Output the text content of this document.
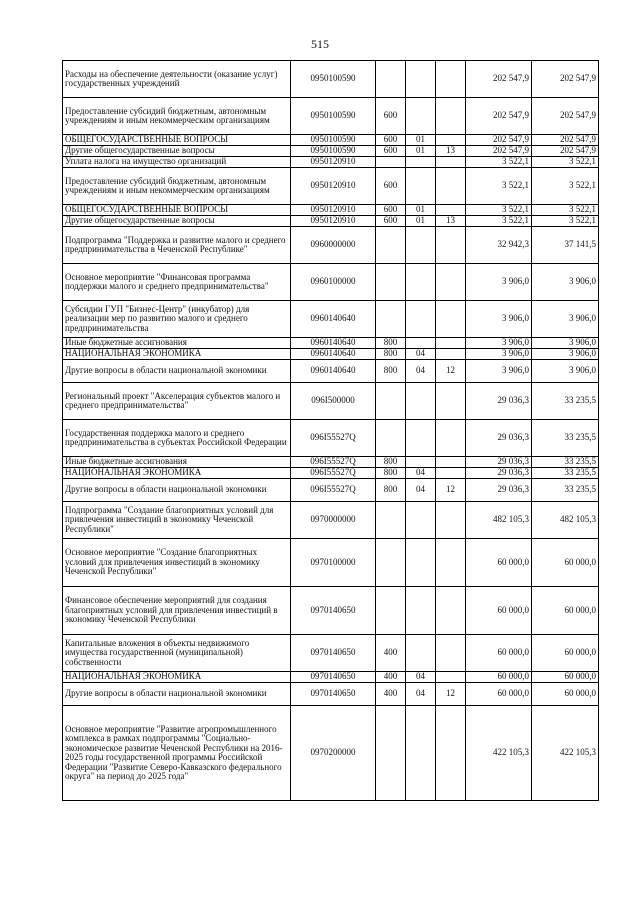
515
Расходы на обеспечение деятельности (оказание услуг) государственных учреждений	0950100590				202 547,9	202 547,9
Предоставление субсидий бюджетным, автономным учреждениям и иным некоммерческим организациям	0950100590	600			202 547,9	202 547,9
ОБЩЕГОСУДАРСТВЕННЫЕ ВОПРОСЫ	0950100590	600	01		202 547,9	202 547,9
Другие общегосударственные вопросы	0950100590	600	01	13	202 547,9	202 547,9
Уплата налога на имущество организаций	0950120910				3 522,1	3 522,1
Предоставление субсидий бюджетным, автономным учреждениям и иным некоммерческим организациям	0950120910	600			3 522,1	3 522,1
ОБЩЕГОСУДАРСТВЕННЫЕ ВОПРОСЫ	0950120910	600	01		3 522,1	3 522,1
Другие общегосударственные вопросы	0950120910	600	01	13	3 522,1	3 522,1
Подпрограмма "Поддержка и развитие малого и среднего предпринимательства в Чеченской Республике"	0960000000				32 942,3	37 141,5
Основное мероприятие "Финансовая программа поддержки малого и среднего предпринимательства"	0960100000				3 906,0	3 906,0
Субсидии ГУП "Бизнес-Центр" (инкубатор) для реализации мер по развитию малого и среднего предпринимательства	0960140640				3 906,0	3 906,0
Иные бюджетные ассигнования	0960140640	800			3 906,0	3 906,0
НАЦИОНАЛЬНАЯ ЭКОНОМИКА	0960140640	800	04		3 906,0	3 906,0
Другие вопросы в области национальной экономики	0960140640	800	04	12	3 906,0	3 906,0
Региональный проект "Акселерация субъектов малого и среднего предпринимательства"	096I500000				29 036,3	33 235,5
Государственная поддержка малого и среднего предпринимательства в субъектах Российской Федерации	096I55527Q				29 036,3	33 235,5
Иные бюджетные ассигнования	096I55527Q	800			29 036,3	33 235,5
НАЦИОНАЛЬНАЯ ЭКОНОМИКА	096I55527Q	800	04		29 036,3	33 235,5
Другие вопросы в области национальной экономики	096I55527Q	800	04	12	29 036,3	33 235,5
Подпрограмма "Создание благоприятных условий для привлечения инвестиций в экономику Чеченской Республики"	0970000000				482 105,3	482 105,3
Основное мероприятие "Создание благоприятных условий для привлечения инвестиций в экономику Чеченской Республики"	0970100000				60 000,0	60 000,0
Финансовое обеспечение мероприятий для создания благоприятных условий для привлечения инвестиций в экономику Чеченской Республики	0970140650				60 000,0	60 000,0
Капитальные вложения в объекты недвижимого имущества государственной (муниципальной) собственности	0970140650	400			60 000,0	60 000,0
НАЦИОНАЛЬНАЯ ЭКОНОМИКА	0970140650	400	04		60 000,0	60 000,0
Другие вопросы в области национальной экономики	0970140650	400	04	12	60 000,0	60 000,0
Основное мероприятие "Развитие агропромышленного комплекса в рамках подпрограммы "Социально-экономическое развитие Чеченской Республики на 2016-2025 годы государственной программы Российской Федерации "Развитие Северо-Кавказского федерального округа" на период до 2025 года"	0970200000				422 105,3	422 105,3
